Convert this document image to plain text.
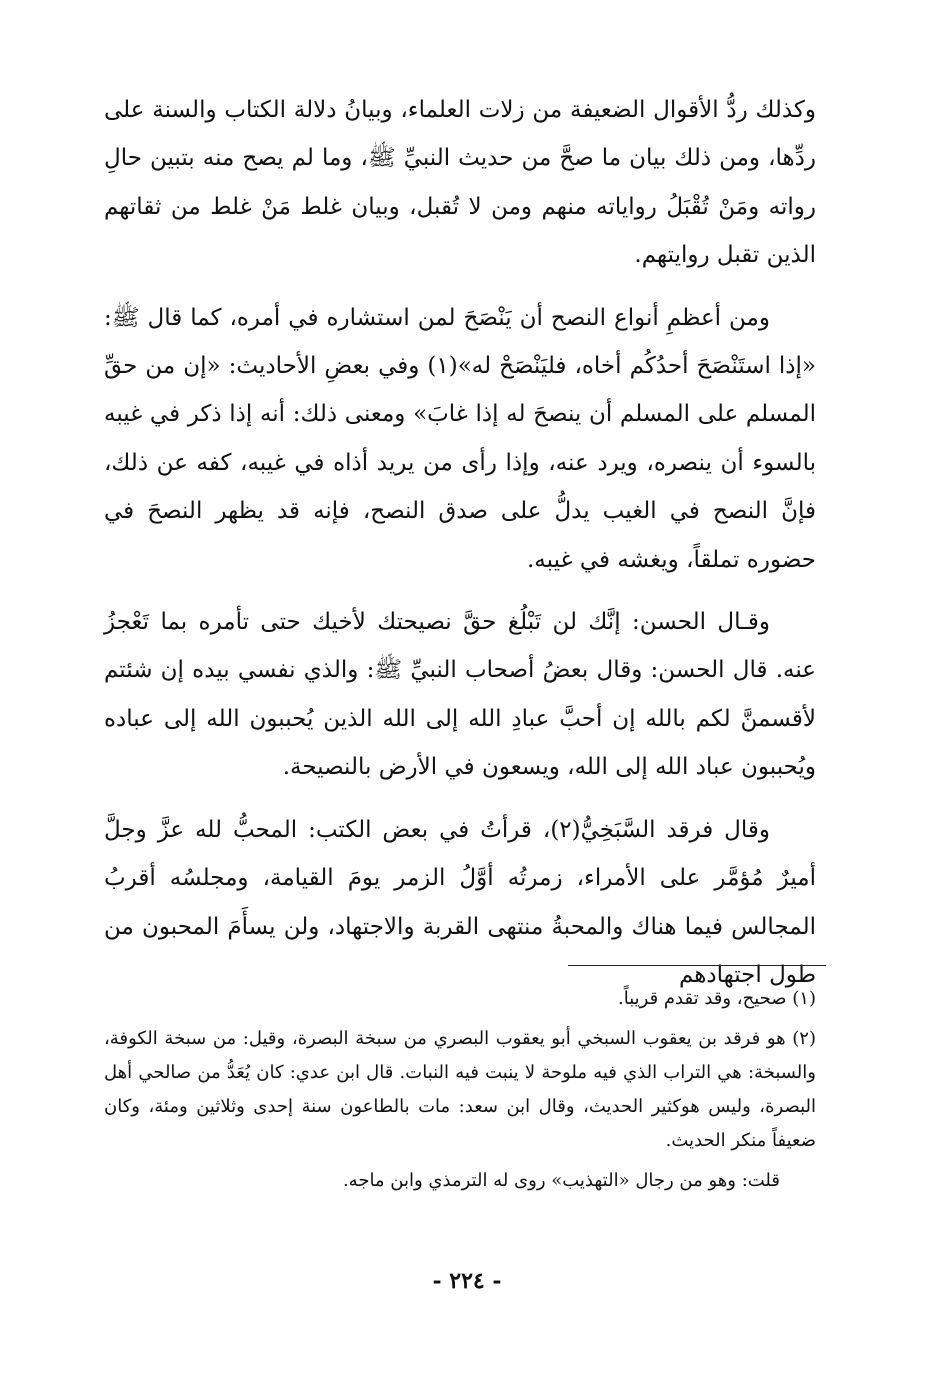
وكذلك ردُّ الأقوال الضعيفة من زلات العلماء، وبيانُ دلالة الكتاب والسنة على ردِّها، ومن ذلك بيان ما صحَّ من حديث النبيِّ ﷺ، وما لم يصح منه بتبين حالِ رواته ومَنْ تُقْبَلُ رواياته منهم ومن لا تُقبل، وبيان غلط مَنْ غلط من ثقاتهم الذين تقبل روايتهم.

ومن أعظمِ أنواع النصح أن يَنْصَحَ لمن استشاره في أمره، كما قال ﷺ: «إذا استَنْصَحَ أحدُكُم أخاه، فليَنْصَحْ له»(١) وفي بعضِ الأحاديث: «إن من حقِّ المسلم على المسلم أن ينصحَ له إذا غابَ» ومعنى ذلك: أنه إذا ذكر في غيبه بالسوء أن ينصره، ويرد عنه، وإذا رأى من يريد أذاه في غيبه، كفه عن ذلك، فإنَّ النصح في الغيب يدلُّ على صدق النصح، فإنه قد يظهر النصحَ في حضوره تملقاً، ويغشه في غيبه.

وقـال الحسن: إنَّك لن تَبْلُغ حقَّ نصيحتك لأخيك حتى تأمره بما تَعْجزُ عنه. قال الحسن: وقال بعضُ أصحاب النبيِّ ﷺ: والذي نفسي بيده إن شئتم لأقسمنَّ لكم بالله إن أحبَّ عبادِ الله إلى الله الذين يُحببون الله إلى عباده ويُحببون عباد الله إلى الله، ويسعون في الأرض بالنصيحة.

وقال فرقد السَّبَخِيُّ(٢)، قرأتُ في بعض الكتب: المحبُّ لله عزَّ وجلَّ أميرٌ مُؤمَّر على الأمراء، زمرتُه أوَّلُ الزمر يومَ القيامة، ومجلسُه أقربُ المجالس فيما هناك والمحبةُ منتهى القربة والاجتهاد، ولن يسأَمَ المحبون من طول اجتهادهم

(١) صحيح، وقد تقدم قريباً.

(٢) هو فرقد بن يعقوب السبخي أبو يعقوب البصري من سبخة البصرة، وقيل: من سبخة الكوفة، والسبخة: هي التراب الذي فيه ملوحة لا ينبت فيه النبات. قال ابن عدي: كان يُعَدُّ من صالحي أهل البصرة، وليس هوكثير الحديث، وقال ابن سعد: مات بالطاعون سنة إحدى وثلاثين ومئة، وكان ضعيفاً منكر الحديث.

قلت: وهو من رجال «التهذيب» روى له الترمذي وابن ماجه.

- ٢٢٤ -
